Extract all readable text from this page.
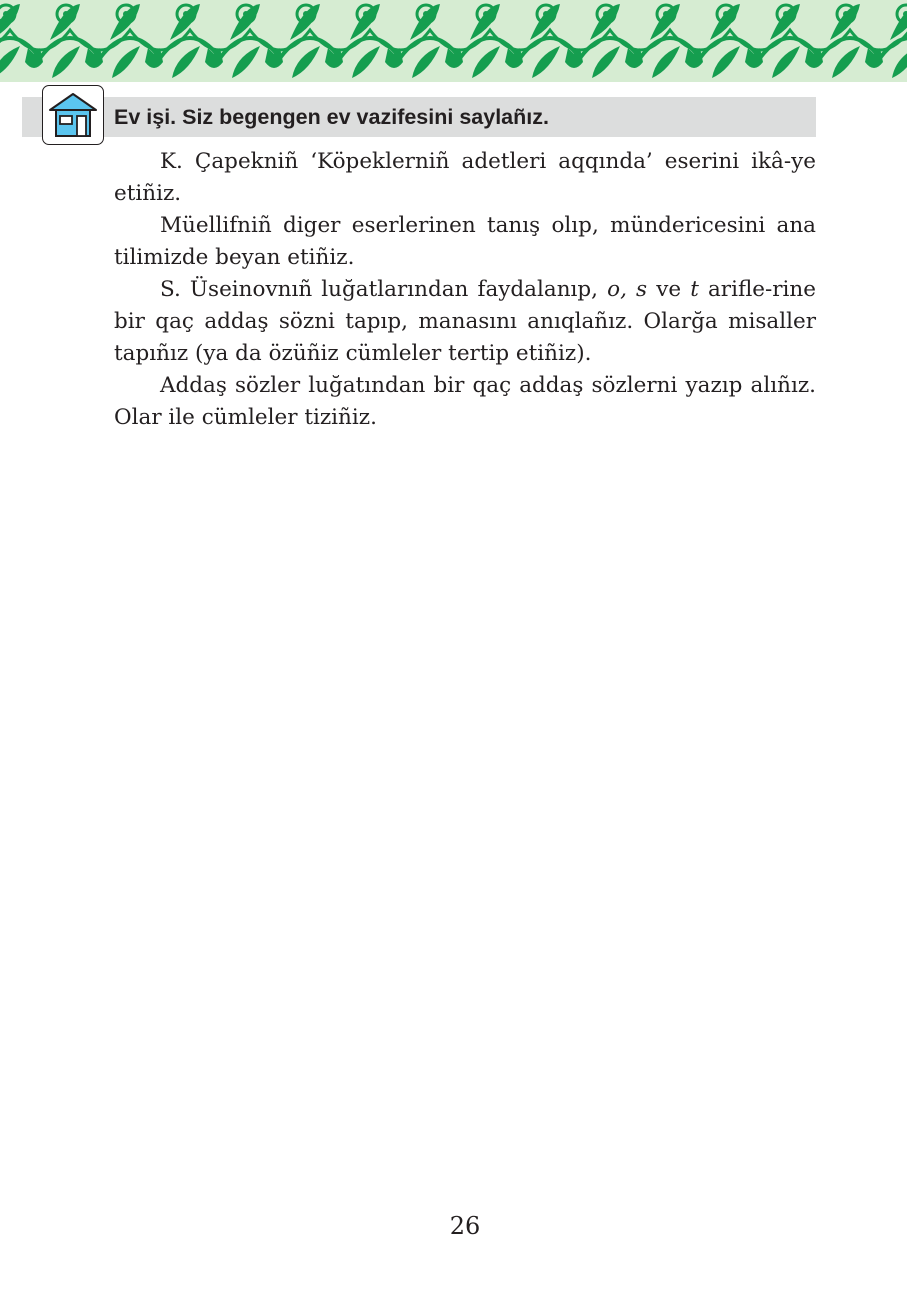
Ev işi. Siz begengen ev vazifesini saylañız.

K. Çapekniñ ‘Köpeklerniñ adetleri aqqında’ eserini ikâ-ye etiñiz.

Müellifniñ diger eserlerinen tanış olıp, mündericesini ana tilimizde beyan etiñiz.

S. Üseinovnıñ luğatlarından faydalanıp, o, s ve t arifle-rine bir qaç addaş sözni tapıp, manasını anıqlañız. Olarğa misaller tapıñız (ya da özüñiz cümleler tertip etiñiz).

Addaş sözler luğatından bir qaç addaş sözlerni yazıp alıñız. Olar ile cümleler tiziñiz.

26
